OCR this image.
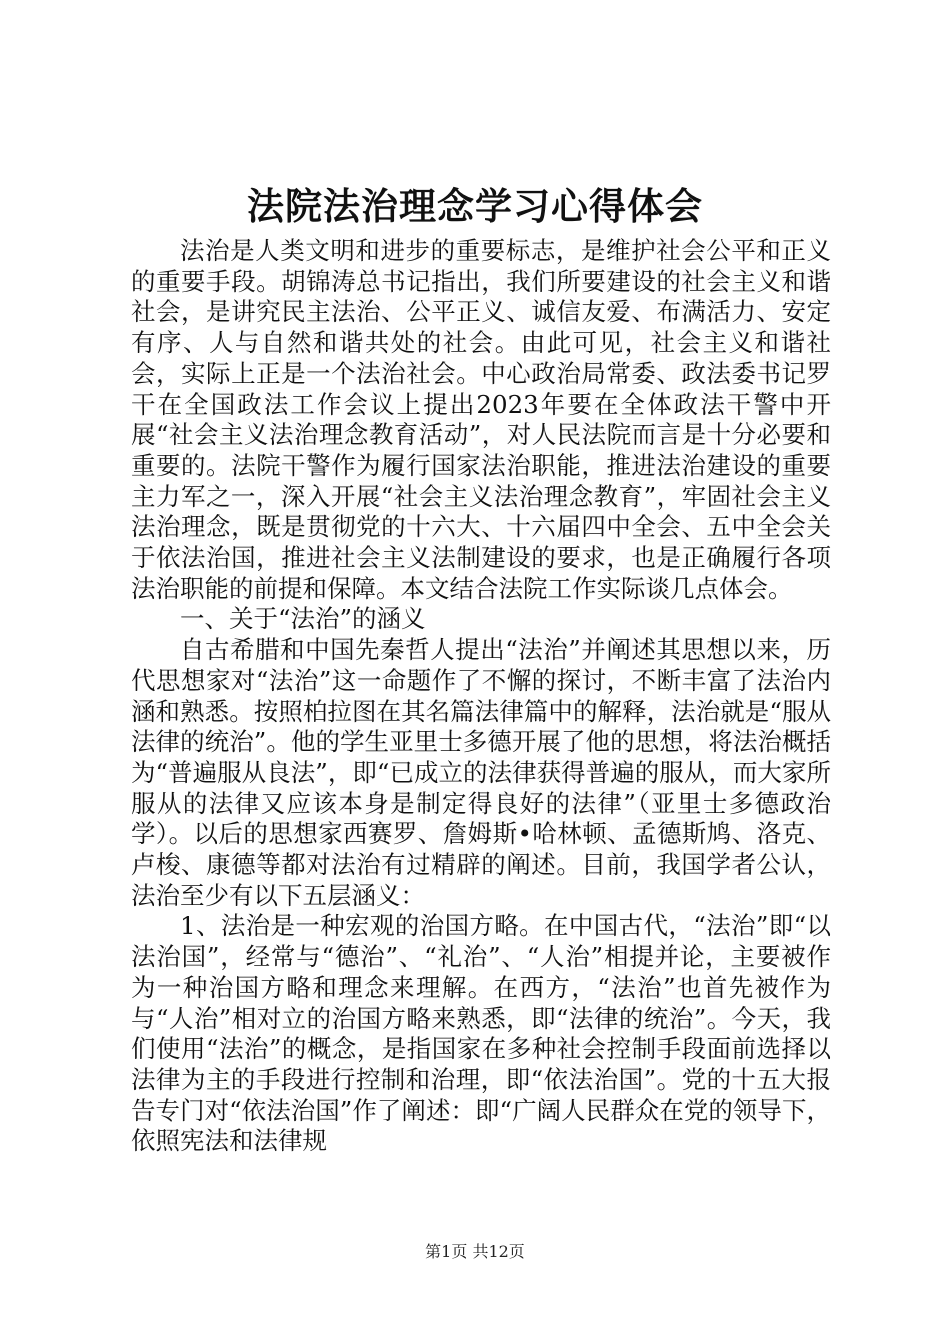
法院法治理念学习心得体会

法治是人类文明和进步的重要标志，是维护社会公平和正义的重要手段。胡锦涛总书记指出，我们所要建设的社会主义和谐社会，是讲究民主法治、公平正义、诚信友爱、布满活力、安定有序、人与自然和谐共处的社会。由此可见，社会主义和谐社会，实际上正是一个法治社会。中心政治局常委、政法委书记罗干在全国政法工作会议上提出2023年要在全体政法干警中开展“社会主义法治理念教育活动”，对人民法院而言是十分必要和重要的。法院干警作为履行国家法治职能，推进法治建设的重要主力军之一，深入开展“社会主义法治理念教育”，牢固社会主义法治理念，既是贯彻党的十六大、十六届四中全会、五中全会关于依法治国，推进社会主义法制建设的要求，也是正确履行各项法治职能的前提和保障。本文结合法院工作实际谈几点体会。

一、关于“法治”的涵义

自古希腊和中国先秦哲人提出“法治”并阐述其思想以来，历代思想家对“法治”这一命题作了不懈的探讨，不断丰富了法治内涵和熟悉。按照柏拉图在其名篇法律篇中的解释，法治就是“服从法律的统治”。他的学生亚里士多德开展了他的思想，将法治概括为“普遍服从良法”，即“已成立的法律获得普遍的服从，而大家所服从的法律又应该本身是制定得良好的法律”（亚里士多德政治学）。以后的思想家西赛罗、詹姆斯•哈林顿、孟德斯鸠、洛克、卢梭、康德等都对法治有过精辟的阐述。目前，我国学者公认，法治至少有以下五层涵义：

1、法治是一种宏观的治国方略。在中国古代，“法治”即“以法治国”，经常与“德治”、“礼治”、“人治”相提并论，主要被作为一种治国方略和理念来理解。在西方，“法治”也首先被作为与“人治”相对立的治国方略来熟悉，即“法律的统治”。今天，我们使用“法治”的概念，是指国家在多种社会控制手段面前选择以法律为主的手段进行控制和治理，即“依法治国”。党的十五大报告专门对“依法治国”作了阐述：即“广阔人民群众在党的领导下，依照宪法和法律规

第1页 共12页
